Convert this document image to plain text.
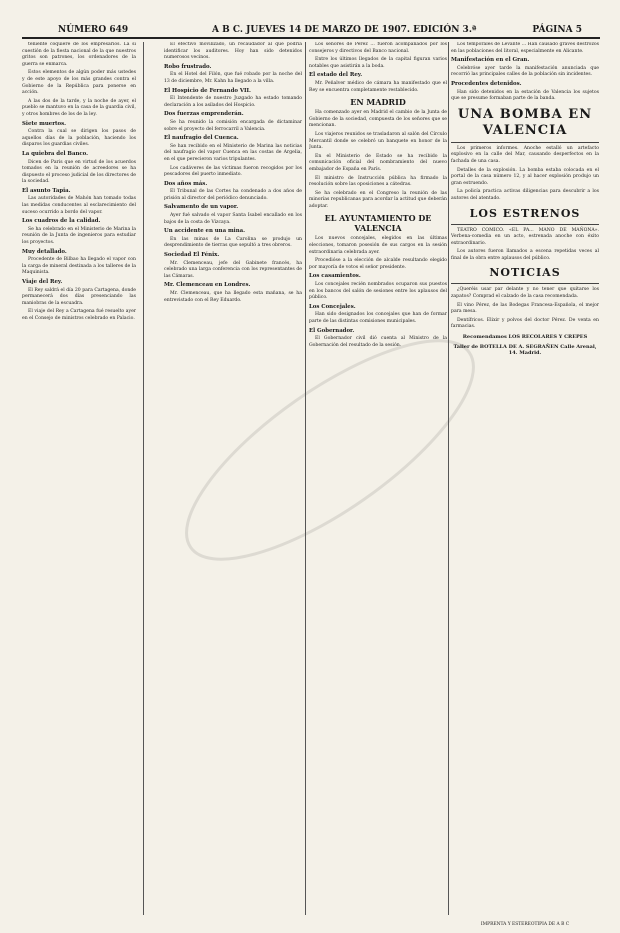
NÚMERO 649	A B C. JUEVES 14 DE MARZO DE 1907. EDICIÓN 3.ª	PÁGINA 5

teniente coquiere de los empresarios. La sí cuestión de la fiesta nacional de la que nuestros gritos son patrones, los ordenadores de la guerra se enmarca.

Estos elementos de algún poder más ustedes y de este apoyo de los más grandes contra el Gobierno de la República para ponerse en acción.

A las dos de la tarde, y la noche de ayer, el pueblo se mantuvo en la casa de la guardia civil, y otros hombres de los de la ley.

Siete muertos.

Contra la cual se dirigen los pasos de aquellos días de la población, haciendo los disparos los guardias civiles.

La quiebra del Banco.

Dicen de Paris que en virtud de los acuerdos tomados en la reunión de acreedores se ha dispuesto el proceso judicial de los directores de la sociedad.

El asunto Tapia.

Las autoridades de Mahón han tomado todas las medidas conducentes al esclarecimiento del suceso ocurrido a bordo del vapor.

Los cuadros de la calidad.

Se ha celebrado en el Ministerio de Marina la reunión de la Junta de ingenieros para estudiar los proyectos.

Muy detallado.

Procedente de Bilbao ha llegado el vapor con la carga de mineral destinada a los talleres de la Maquinista.

Viaje del Rey.

El Rey saldrá el día 20 para Cartagena, donde permanecerá dos días presenciando las maniobras de la escuadra.

El viaje del Rey a Cartagena fué resuelto ayer en el Consejo de ministros celebrado en Palacio.

El efectivo movilizado, un recaudador al que podría identificar los auditores. Hoy han sido detenidos numerosos vecinos.

Robo frustrado.

En el Hotel del Filón, que fué robado por la noche del 13 de diciembre, Mr. Kahn ha llegado a la villa.

El Hospicio de Fernando VII.

El Intendente de nuestro Juzgado ha estado tomando declaración a los asilados del Hospicio.

Dos fuerzas emprenderán.

Se ha reunido la comisión encargada de dictaminar sobre el proyecto del ferrocarril a Valencia.

El naufragio del Cuenca.

Se han recibido en el Ministerio de Marina las noticias del naufragio del vapor Cuenca en las costas de Argelia, en el que perecieron varios tripulantes.

Los cadáveres de las víctimas fueron recogidos por los pescadores del puerto inmediato.

Dos años más.

El Tribunal de las Cortes ha condenado a dos años de prisión al director del periódico denunciado.

Salvamento de un vapor.

Ayer fué salvado el vapor Santa Isabel encallado en los bajos de la costa de Vizcaya.

Un accidente en una mina.

En las minas de La Carolina se produjo un desprendimiento de tierras que sepultó a tres obreros.

Sociedad El Fénix.

Mr. Clemenceau, jefe del Gabinete francés, ha celebrado una larga conferencia con los representantes de las Cámaras.

Mr. Clemenceau en Londres.

Mr. Clemenceau, que ha llegado esta mañana, se ha entrevistado con el Rey Eduardo.

Los señores de Pérez ... fueron acompañados por los consejeros y directivos del Banco nacional.

Entre los últimos llegados de la capital figuran varios notables que asistirán a la boda.

El estado del Rey.

Mr. Peñalver médico de cámara ha manifestado que el Rey se encuentra completamente restablecido.

EN MADRID

Ha comenzado ayer en Madrid el cambio de la Junta de Gobierno de la sociedad, compuesta de los señores que se mencionan.

Los viajeros reunidos se trasladaron al salón del Círculo Mercantil donde se celebró un banquete en honor de la Junta.

En el Ministerio de Estado se ha recibido la comunicación oficial del nombramiento del nuevo embajador de España en París.

El ministro de Instrucción pública ha firmado la resolución sobre las oposiciones a cátedras.

Se ha celebrado en el Congreso la reunión de las minorías republicanas para acordar la actitud que deberán adoptar.

EL AYUNTAMIENTO DE VALENCIA

Los nuevos concejales, elegidos en las últimas elecciones, tomaron posesión de sus cargos en la sesión extraordinaria celebrada ayer.

Procedióse a la elección de alcalde resultando elegido por mayoría de votos el señor presidente.

Los casamientos.

Los concejales recién nombrados ocuparon sus puestos en los bancos del salón de sesiones entre los aplausos del público.

Los Concejales.

Han sido designados los concejales que han de formar parte de las distintas comisiones municipales.

El Gobernador.

El Gobernador civil dió cuenta al Ministro de la Gobernación del resultado de la sesión.

Los temporales de Levante ... Han causado graves destrozos en las poblaciones del litoral, especialmente en Alicante.

Manifestación en el Gran.

Celebróse ayer tarde la manifestación anunciada que recorrió las principales calles de la población sin incidentes.

Procedentes detenidos.

Han sido detenidos en la estación de Valencia los sujetos que se presume formaban parte de la banda.

UNA BOMBA EN VALENCIA

Los primeros informes. Anoche estalló un artefacto explosivo en la calle del Mar, causando desperfectos en la fachada de una casa.

Detalles de la explosión. La bomba estaba colocada en el portal de la casa número 12, y al hacer explosión produjo un gran estruendo.

La policía practica activas diligencias para descubrir a los autores del atentado.

LOS ESTRENOS

TEATRO COMICO. «EL PA... MANO DE MAÑONA». Verbena-comedia en un acto, estrenada anoche con éxito extraordinario.

Los autores fueron llamados a escena repetidas veces al final de la obra entre aplausos del público.

NOTICIAS

¿Queréis usar par delante y no tener que quitarse los zapatos? Comprad el calzado de la casa recomendada.

El vino Pérez, de las Bodegas Francesa-Española, el mejor para mesa.

Dentífricos. Elixir y polvos del doctor Pérez. De venta en farmacias.

Recomendamos LOS RECOLARES Y CREPES
Taller de BOTELLA DE A. SEGRAÑEN Calle Arenal, 14. Madrid.
IMPRENTA Y ESTEREOTIPIA DE A B C
